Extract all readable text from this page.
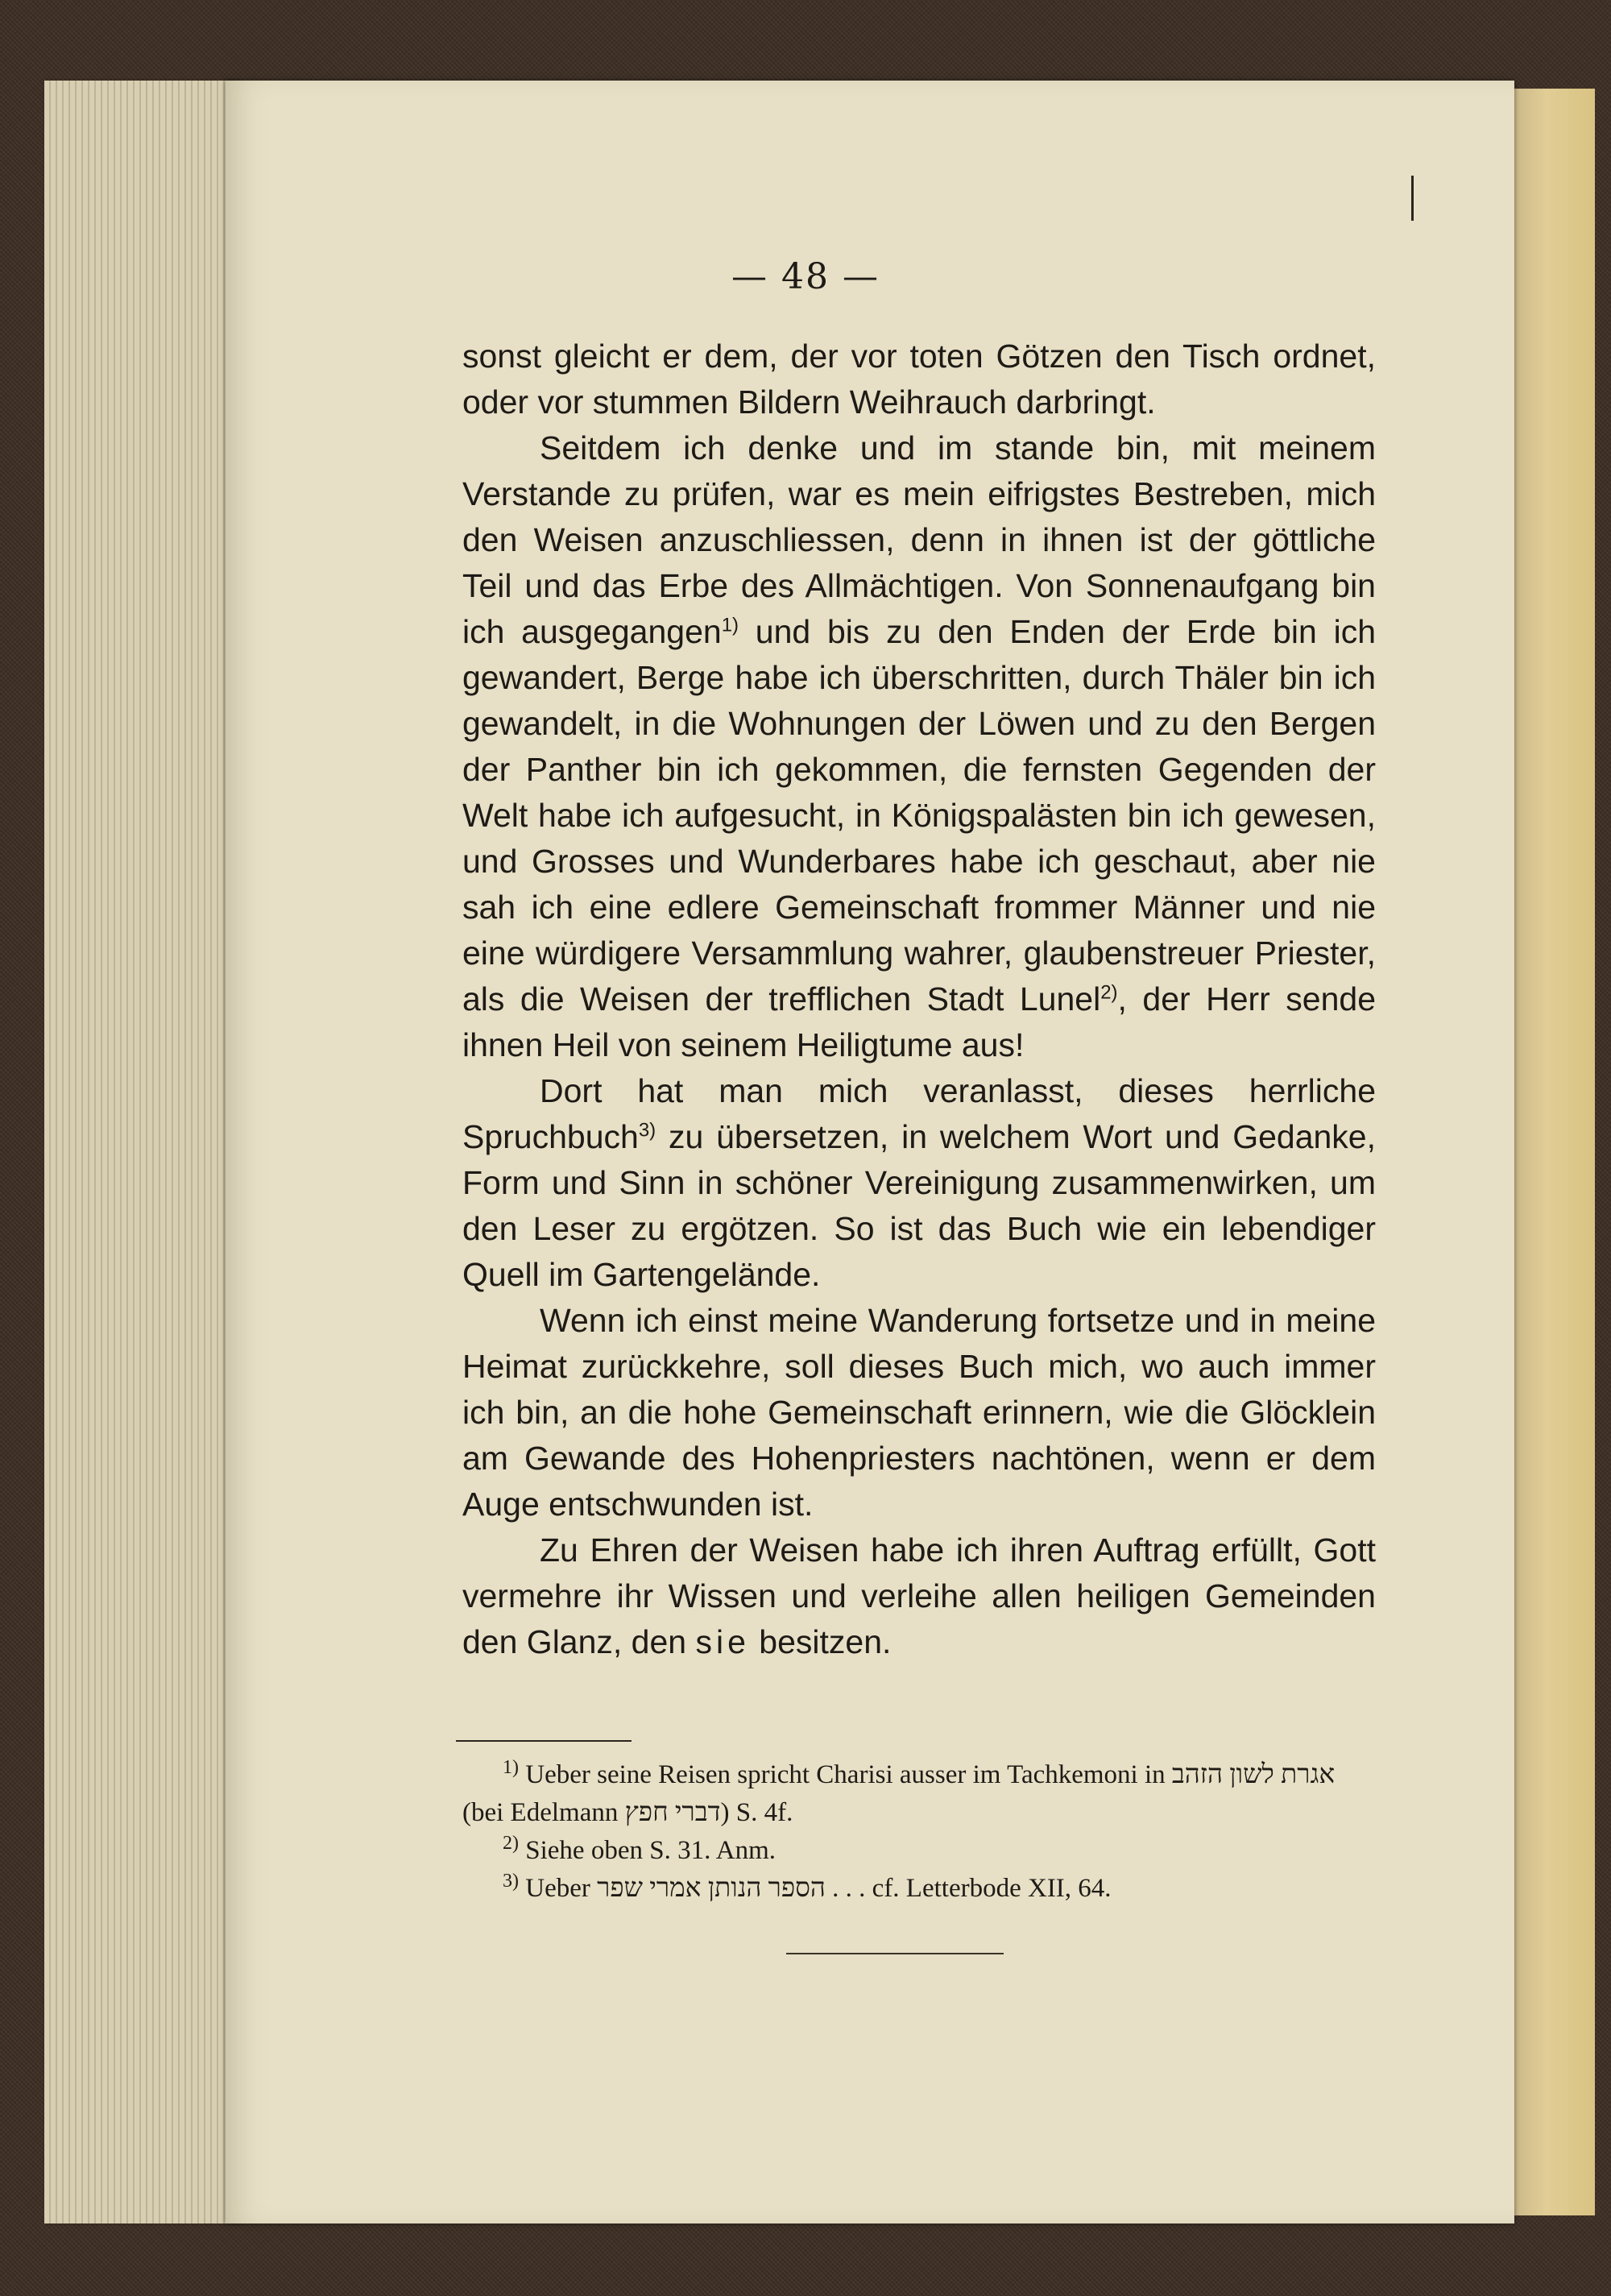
— 48 —

sonst gleicht er dem, der vor toten Götzen den Tisch ordnet, oder vor stummen Bildern Weihrauch darbringt.

Seitdem ich denke und im stande bin, mit meinem Verstande zu prüfen, war es mein eifrigstes Bestreben, mich den Weisen anzuschliessen, denn in ihnen ist der göttliche Teil und das Erbe des Allmächtigen. Von Sonnenaufgang bin ich ausgegangen$^{1)}$ und bis zu den Enden der Erde bin ich gewandert, Berge habe ich überschritten, durch Thäler bin ich gewandelt, in die Wohnungen der Löwen und zu den Bergen der Panther bin ich gekommen, die fernsten Gegenden der Welt habe ich aufgesucht, in Königspalästen bin ich gewesen, und Grosses und Wunderbares habe ich geschaut, aber nie sah ich eine edlere Gemeinschaft frommer Männer und nie eine würdigere Versammlung wahrer, glaubenstreuer Priester, als die Weisen der trefflichen Stadt Lunel$^{2)}$, der Herr sende ihnen Heil von seinem Heiligtume aus!

Dort hat man mich veranlasst, dieses herrliche Spruchbuch$^{3)}$ zu übersetzen, in welchem Wort und Gedanke, Form und Sinn in schöner Vereinigung zusammenwirken, um den Leser zu ergötzen. So ist das Buch wie ein lebendiger Quell im Gartengelände.

Wenn ich einst meine Wanderung fortsetze und in meine Heimat zurückkehre, soll dieses Buch mich, wo auch immer ich bin, an die hohe Gemeinschaft erinnern, wie die Glöcklein am Gewande des Hohenpriesters nachtönen, wenn er dem Auge entschwunden ist.

Zu Ehren der Weisen habe ich ihren Auftrag erfüllt, Gott vermehre ihr Wissen und verleihe allen heiligen Gemeinden den Glanz, den sie besitzen.

$^{1)}$ Ueber seine Reisen spricht Charisi ausser im Tachkemoni in אגרת לשון הזהב (bei Edelmann דברי חפץ) S. 4f.

$^{2)}$ Siehe oben S. 31. Anm.

$^{3)}$ Ueber הספר הנותן אמרי שפר . . . cf. Letterbode XII, 64.
